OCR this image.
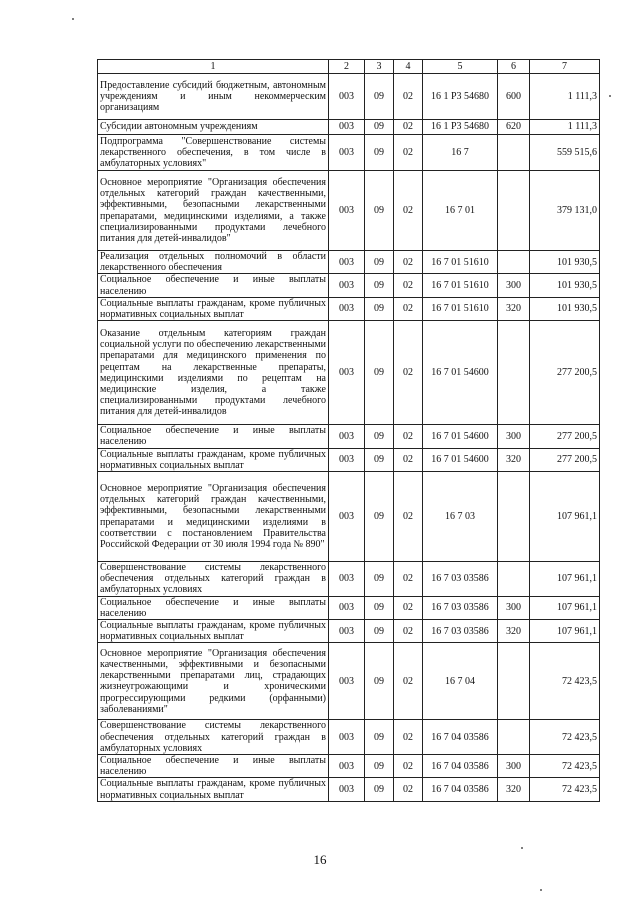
1	2	3	4	5	6	7
Предоставление субсидий бюджетным, автономным учреждениям и иным некоммерческим организациям	003	09	02	16 1 Р3 54680	600	1 111,3
Субсидии автономным учреждениям	003	09	02	16 1 Р3 54680	620	1 111,3
Подпрограмма "Совершенствование системы лекарственного обеспечения, в том числе в амбулаторных условиях"	003	09	02	16 7		559 515,6
Основное мероприятие "Организация обеспечения отдельных категорий граждан качественными, эффективными, безопасными лекарственными препаратами, медицинскими изделиями, а также специализированными продуктами лечебного питания для детей-инвалидов"	003	09	02	16 7 01		379 131,0
Реализация отдельных полномочий в области лекарственного обеспечения	003	09	02	16 7 01 51610		101 930,5
Социальное обеспечение и иные выплаты населению	003	09	02	16 7 01 51610	300	101 930,5
Социальные выплаты гражданам, кроме публичных нормативных социальных выплат	003	09	02	16 7 01 51610	320	101 930,5
Оказание отдельным категориям граждан социальной услуги по обеспечению лекарственными препаратами для медицинского применения по рецептам на лекарственные препараты, медицинскими изделиями по рецептам на медицинские изделия, а также специализированными продуктами лечебного питания для детей-инвалидов	003	09	02	16 7 01 54600		277 200,5
Социальное обеспечение и иные выплаты населению	003	09	02	16 7 01 54600	300	277 200,5
Социальные выплаты гражданам, кроме публичных нормативных социальных выплат	003	09	02	16 7 01 54600	320	277 200,5
Основное мероприятие "Организация обеспечения отдельных категорий граждан качественными, эффективными, безопасными лекарственными препаратами и медицинскими изделиями в соответствии с постановлением Правительства Российской Федерации от 30 июля 1994 года № 890"	003	09	02	16 7 03		107 961,1
Совершенствование системы лекарственного обеспечения отдельных категорий граждан в амбулаторных условиях	003	09	02	16 7 03 03586		107 961,1
Социальное обеспечение и иные выплаты населению	003	09	02	16 7 03 03586	300	107 961,1
Социальные выплаты гражданам, кроме публичных нормативных социальных выплат	003	09	02	16 7 03 03586	320	107 961,1
Основное мероприятие "Организация обеспечения качественными, эффективными и безопасными лекарственными препаратами лиц, страдающих жизнеугрожающими и хроническими прогрессирующими редкими (орфанными) заболеваниями"	003	09	02	16 7 04		72 423,5
Совершенствование системы лекарственного обеспечения отдельных категорий граждан в амбулаторных условиях	003	09	02	16 7 04 03586		72 423,5
Социальное обеспечение и иные выплаты населению	003	09	02	16 7 04 03586	300	72 423,5
Социальные выплаты гражданам, кроме публичных нормативных социальных выплат	003	09	02	16 7 04 03586	320	72 423,5
16
